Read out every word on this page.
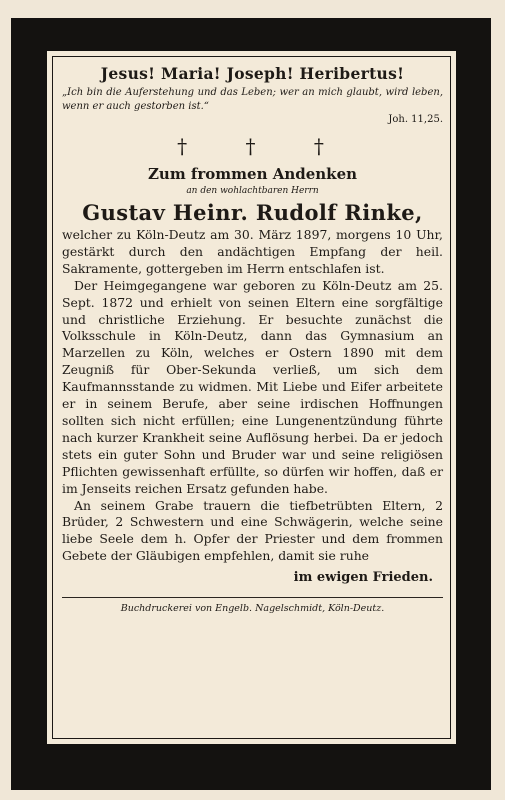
Jesus! Maria! Joseph! Heribertus!

„Ich bin die Auferstehung und das Leben; wer an mich glaubt, wird leben, wenn er auch gestorben ist.“

Joh. 11,25.

† † †

Zum frommen Andenken

an den wohlachtbaren Herrn

Gustav Heinr. Rudolf Rinke,

welcher zu Köln-Deutz am 30. März 1897, morgens 10 Uhr, gestärkt durch den andächtigen Empfang der heil. Sakramente, gottergeben im Herrn entschlafen ist.

Der Heimgegangene war geboren zu Köln-Deutz am 25. Sept. 1872 und erhielt von seinen Eltern eine sorgfältige und christliche Erziehung. Er besuchte zunächst die Volksschule in Köln-Deutz, dann das Gymnasium an Marzellen zu Köln, welches er Ostern 1890 mit dem Zeugniß für Ober-Sekunda verließ, um sich dem Kaufmannsstande zu widmen. Mit Liebe und Eifer arbeitete er in seinem Berufe, aber seine irdischen Hoffnungen sollten sich nicht erfüllen; eine Lungenentzündung führte nach kurzer Krankheit seine Auflösung herbei. Da er jedoch stets ein guter Sohn und Bruder war und seine religiösen Pflichten gewissenhaft erfüllte, so dürfen wir hoffen, daß er im Jenseits reichen Ersatz gefunden habe.

An seinem Grabe trauern die tiefbetrübten Eltern, 2 Brüder, 2 Schwestern und eine Schwägerin, welche seine liebe Seele dem h. Opfer der Priester und dem frommen Gebete der Gläubigen empfehlen, damit sie ruhe

im ewigen Frieden.

Buchdruckerei von Engelb. Nagelschmidt, Köln-Deutz.
